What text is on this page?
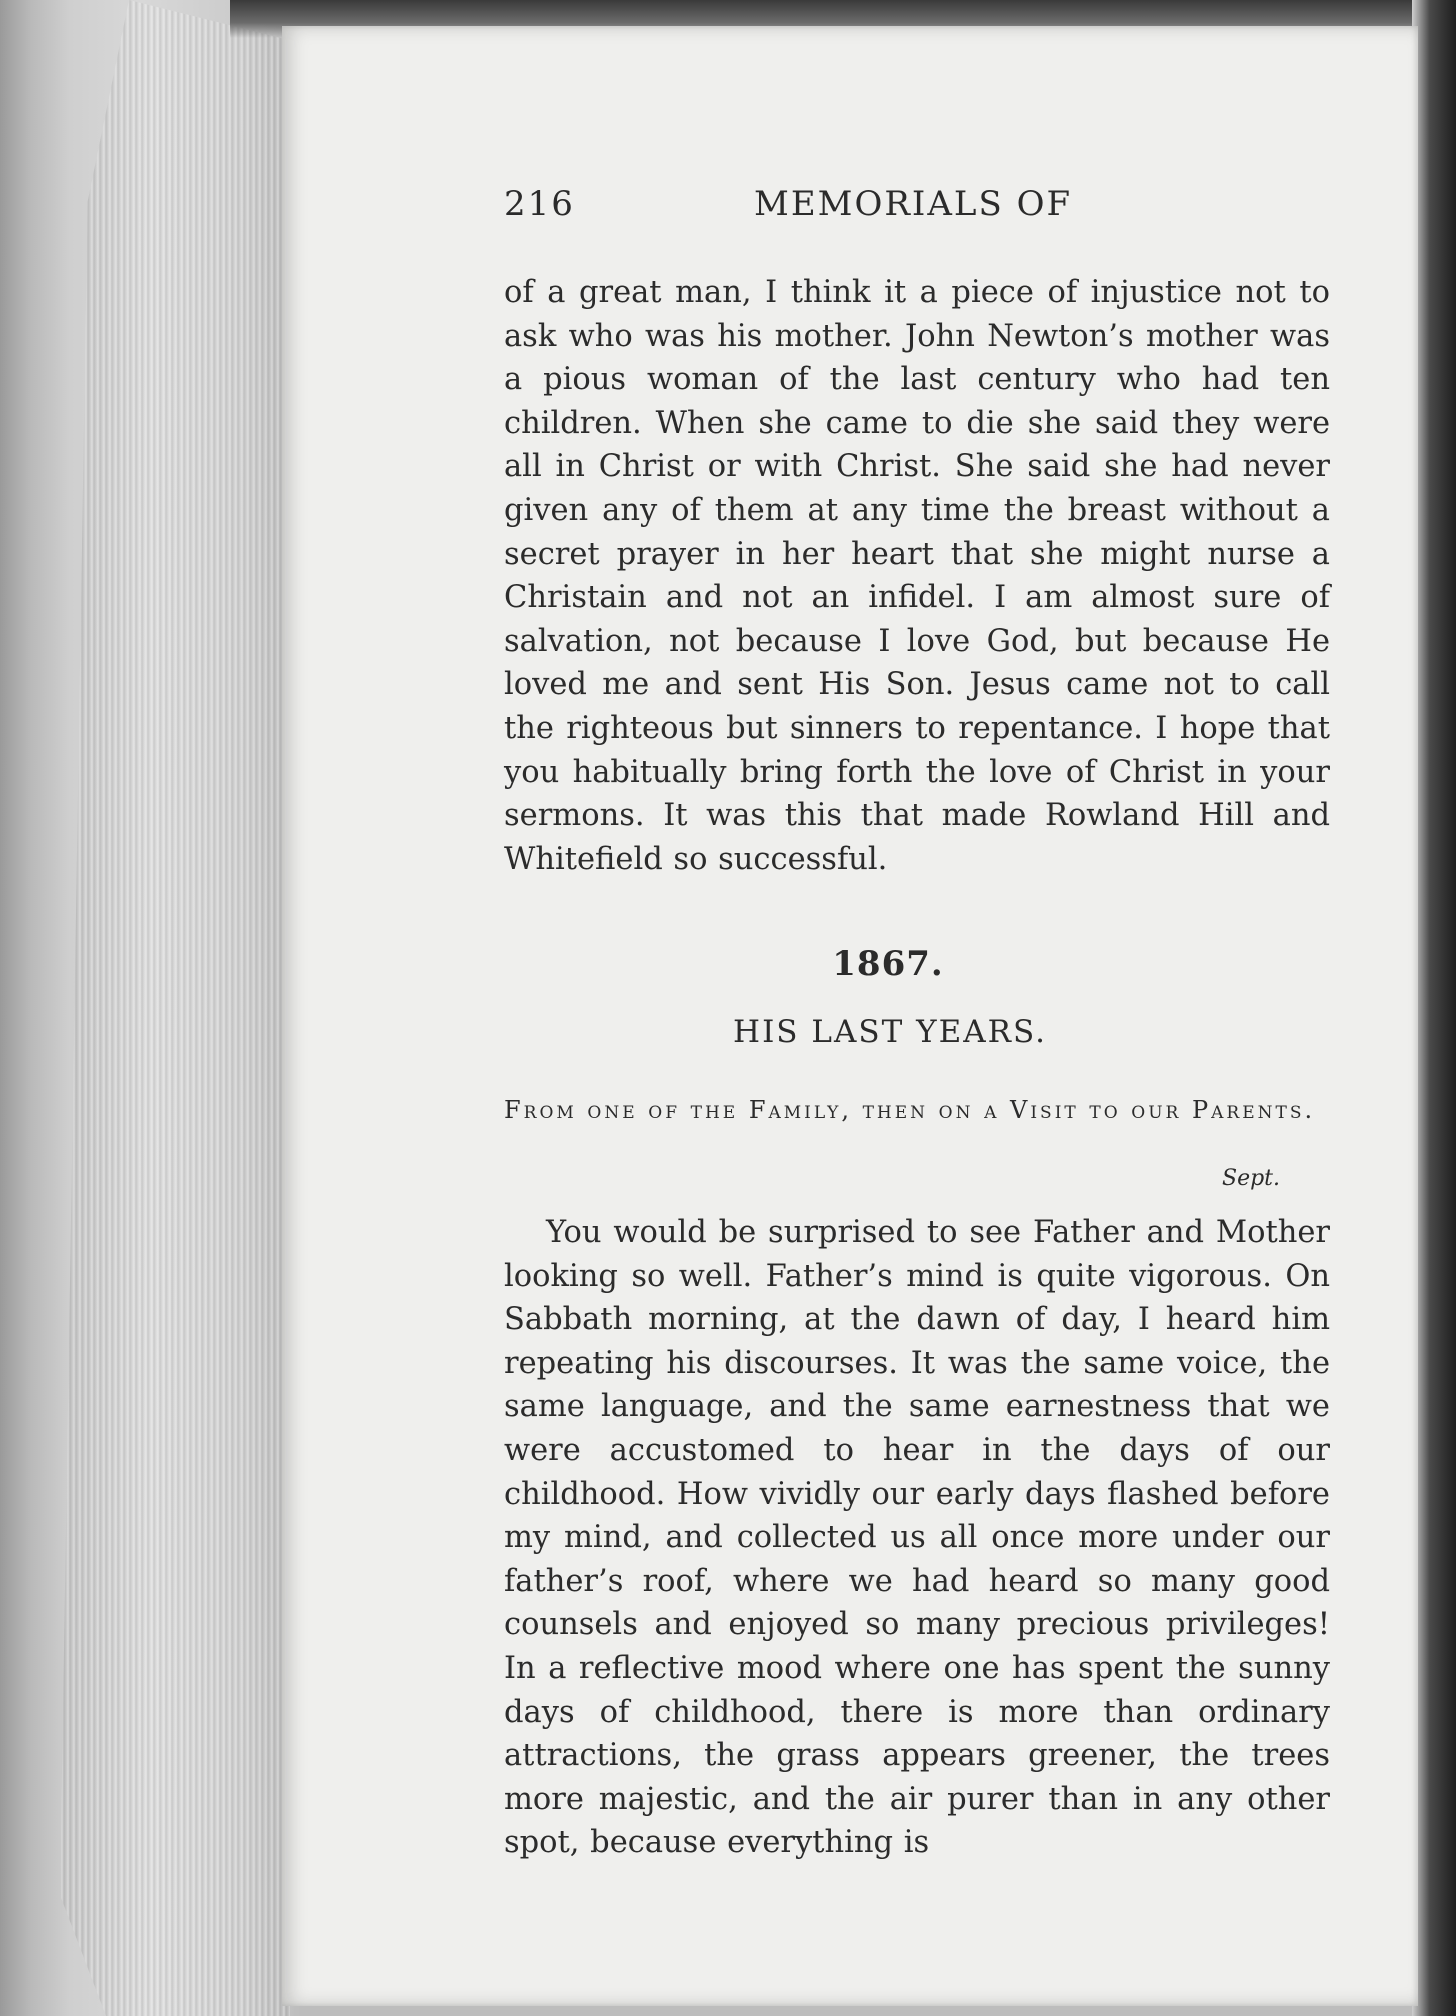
216	MEMORIALS OF

of a great man, I think it a piece of injustice not to ask who was his mother. John Newton’s mother was a pious woman of the last century who had ten children. When she came to die she said they were all in Christ or with Christ. She said she had never given any of them at any time the breast without a secret prayer in her heart that she might nurse a Christain and not an infidel. I am almost sure of salvation, not because I love God, but because He loved me and sent His Son. Jesus came not to call the righteous but sinners to repentance. I hope that you habitually bring forth the love of Christ in your sermons. It was this that made Rowland Hill and Whitefield so successful.

1867.
HIS LAST YEARS.
From one of the Family, then on a Visit to our Parents.
Sept.

You would be surprised to see Father and Mother looking so well. Father’s mind is quite vigorous. On Sabbath morning, at the dawn of day, I heard him repeating his discourses. It was the same voice, the same language, and the same earnestness that we were accustomed to hear in the days of our childhood. How vividly our early days flashed before my mind, and collected us all once more under our father’s roof, where we had heard so many good counsels and enjoyed so many precious privileges! In a reflective mood where one has spent the sunny days of childhood, there is more than ordinary attractions, the grass appears greener, the trees more majestic, and the air purer than in any other spot, because everything is
